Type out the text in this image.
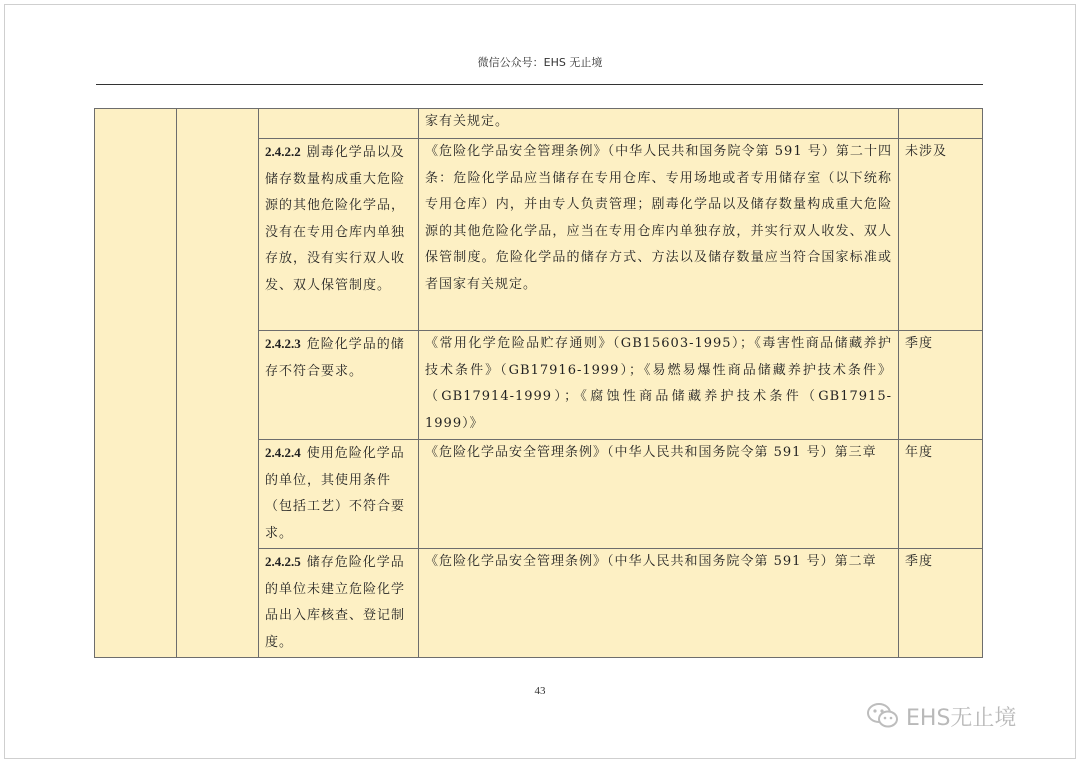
微信公众号：EHS 无止境
			家有关规定。	
		2.4.2.2 剧毒化学品以及储存数量构成重大危险源的其他危险化学品，没有在专用仓库内单独存放，没有实行双人收发、双人保管制度。	《危险化学品安全管理条例》（中华人民共和国务院令第 591 号）第二十四条：危险化学品应当储存在专用仓库、专用场地或者专用储存室（以下统称专用仓库）内，并由专人负责管理；剧毒化学品以及储存数量构成重大危险源的其他危险化学品，应当在专用仓库内单独存放，并实行双人收发、双人保管制度。危险化学品的储存方式、方法以及储存数量应当符合国家标准或者国家有关规定。	未涉及
		2.4.2.3 危险化学品的储存不符合要求。	《常用化学危险品贮存通则》（GB15603-1995）；《毒害性商品储藏养护技术条件》（GB17916-1999）；《易燃易爆性商品储藏养护技术条件》（GB17914-1999）；《腐蚀性商品储藏养护技术条件（GB17915-1999）》	季度
		2.4.2.4 使用危险化学品的单位，其使用条件（包括工艺）不符合要求。	《危险化学品安全管理条例》（中华人民共和国务院令第 591 号）第三章	年度
		2.4.2.5 储存危险化学品的单位未建立危险化学品出入库核查、登记制度。	《危险化学品安全管理条例》（中华人民共和国务院令第 591 号）第二章	季度
43
EHS无止境
